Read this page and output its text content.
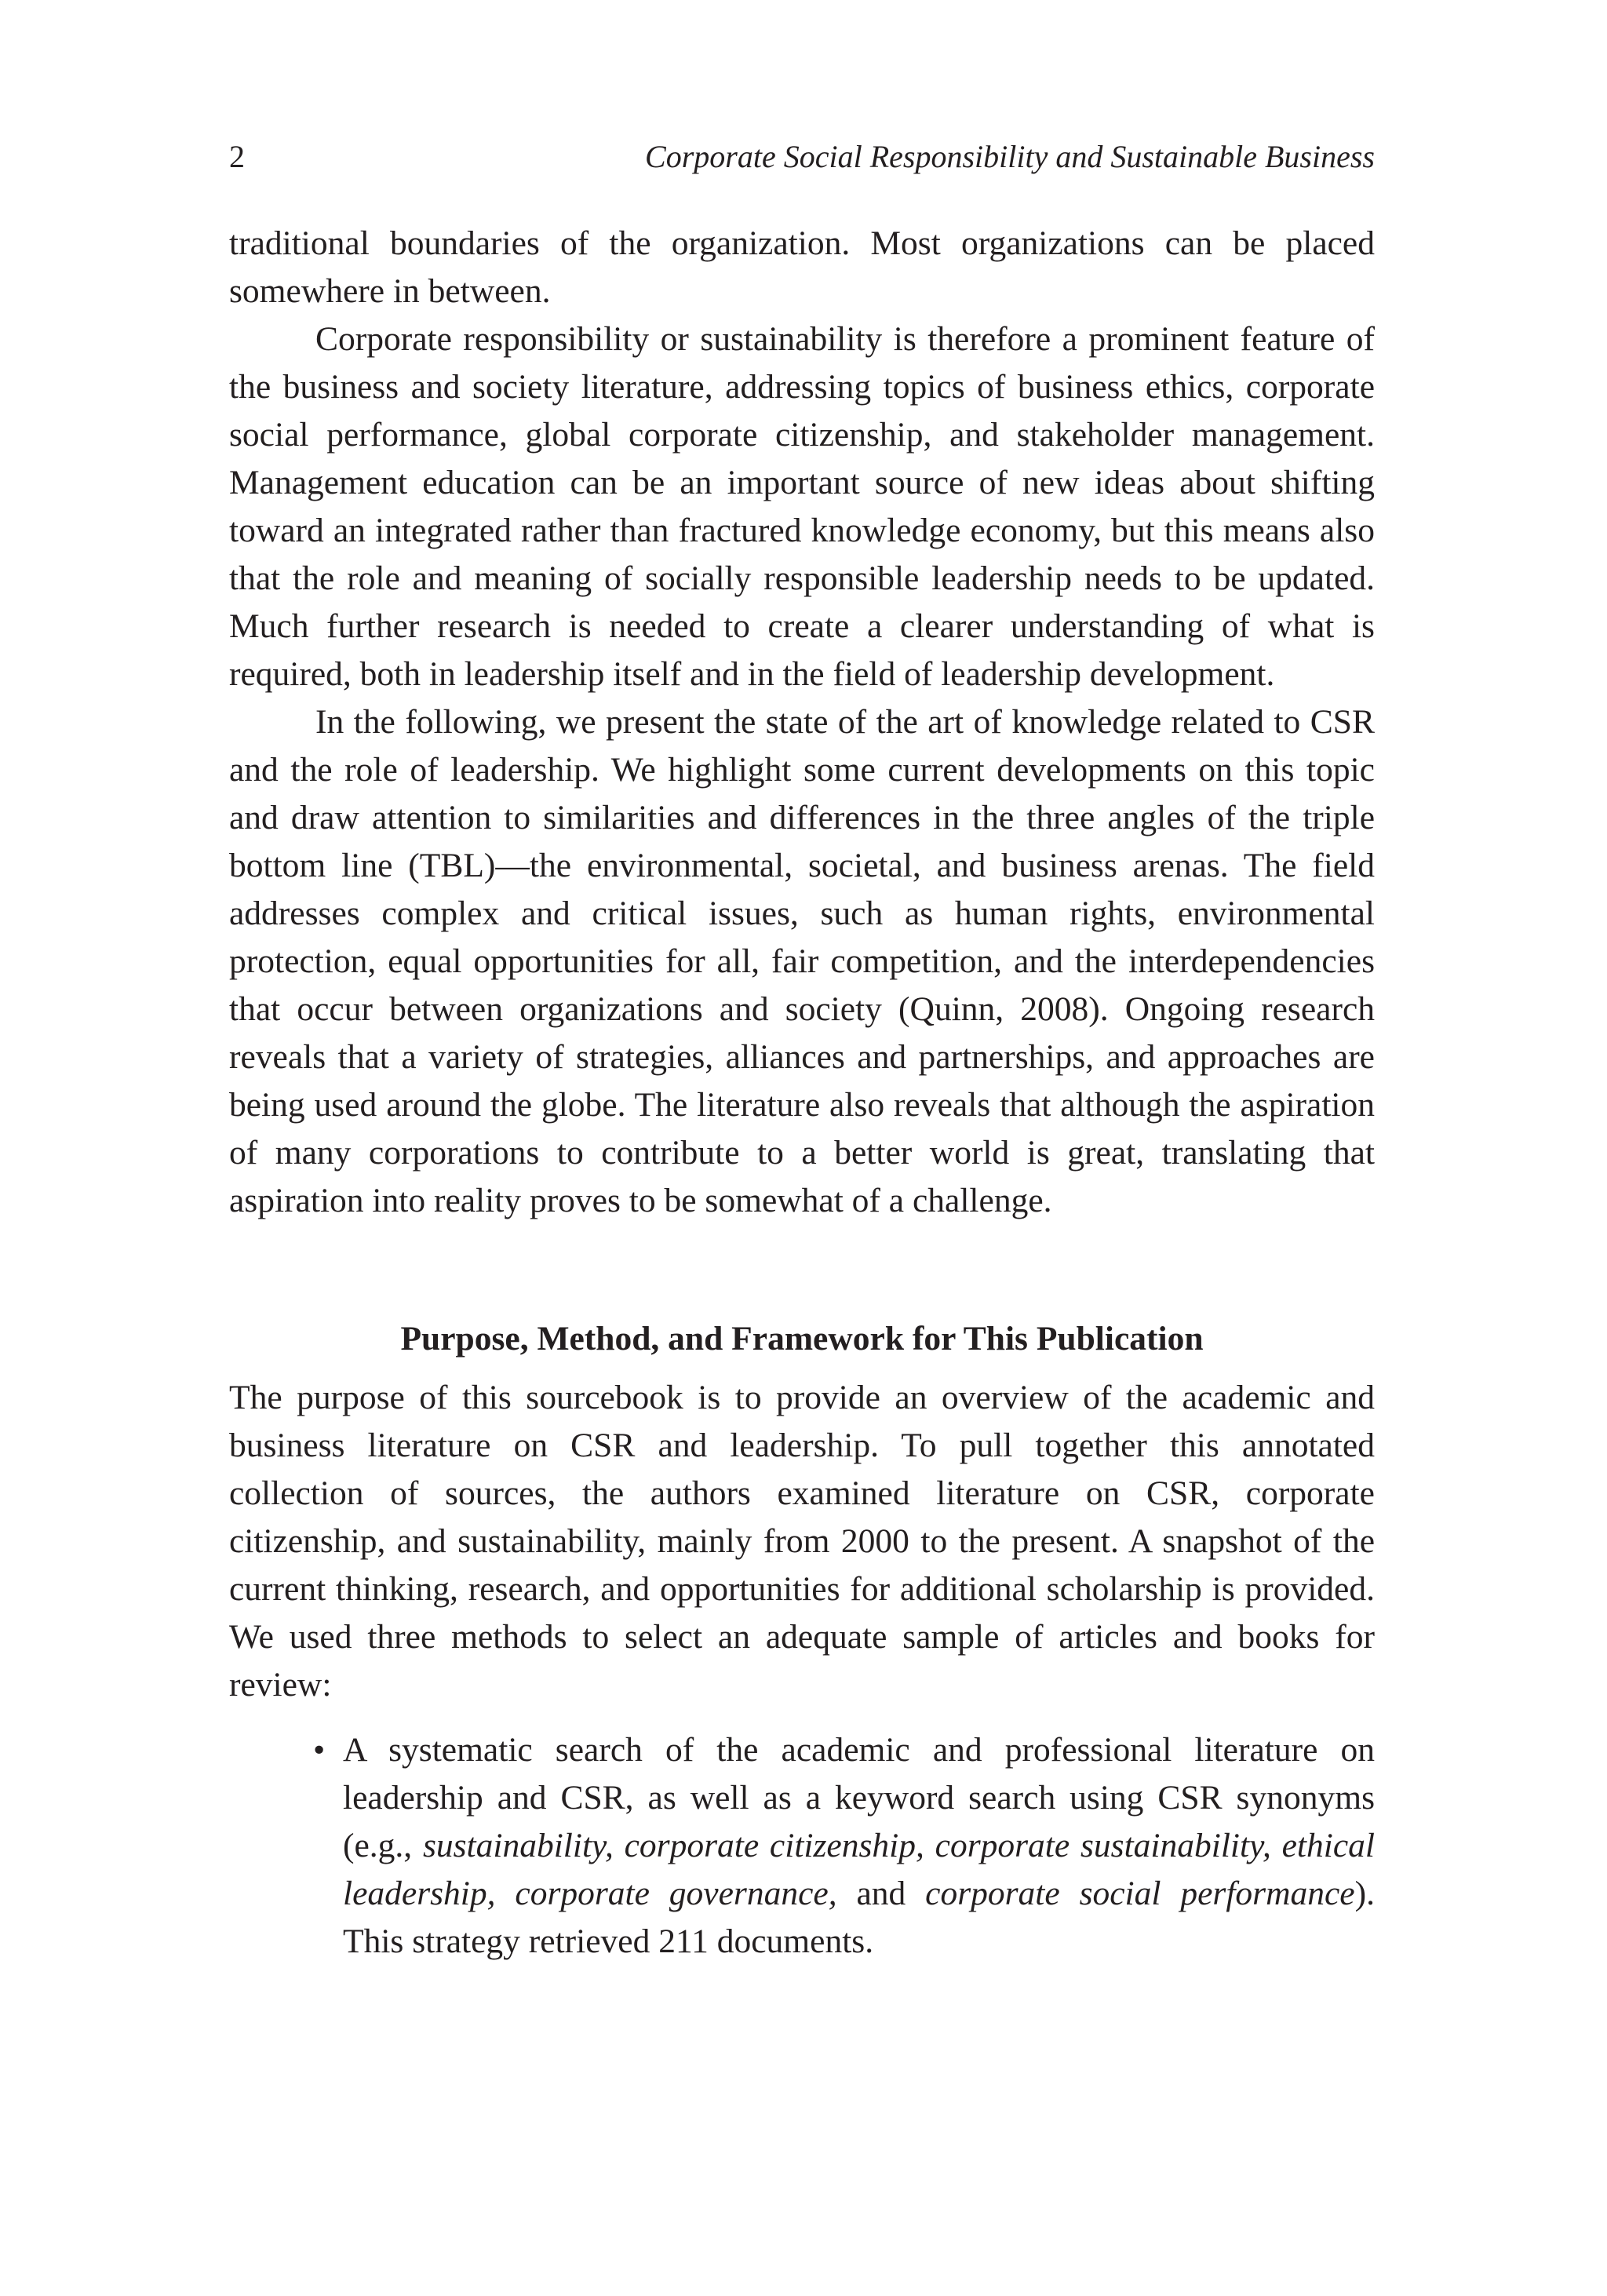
2	Corporate Social Responsibility and Sustainable Business

traditional boundaries of the organization. Most organizations can be placed somewhere in between.

Corporate responsibility or sustainability is therefore a prominent feature of the business and society literature, addressing topics of business ethics, corporate social performance, global corporate citizenship, and stakeholder management. Management education can be an important source of new ideas about shifting toward an integrated rather than fractured knowledge economy, but this means also that the role and meaning of socially responsible leadership needs to be updated. Much further research is needed to create a clearer understanding of what is required, both in leadership itself and in the field of leadership development.

In the following, we present the state of the art of knowledge related to CSR and the role of leadership. We highlight some current developments on this topic and draw attention to similarities and differences in the three angles of the triple bottom line (TBL)—the environmental, societal, and business arenas. The field addresses complex and critical issues, such as human rights, environmental protection, equal opportunities for all, fair competition, and the interdependencies that occur between organizations and society (Quinn, 2008). Ongoing research reveals that a variety of strategies, alliances and partnerships, and approaches are being used around the globe. The literature also reveals that although the aspiration of many corporations to contribute to a better world is great, translating that aspiration into reality proves to be somewhat of a challenge.

Purpose, Method, and Framework for This Publication

The purpose of this sourcebook is to provide an overview of the academic and business literature on CSR and leadership. To pull together this annotated collection of sources, the authors examined literature on CSR, corporate citizenship, and sustainability, mainly from 2000 to the present. A snapshot of the current thinking, research, and opportunities for additional scholarship is provided. We used three methods to select an adequate sample of articles and books for review:

• A systematic search of the academic and professional literature on leadership and CSR, as well as a keyword search using CSR synonyms (e.g., sustainability, corporate citizenship, corporate sustainability, ethical leadership, corporate governance, and corporate social performance). This strategy retrieved 211 documents.
